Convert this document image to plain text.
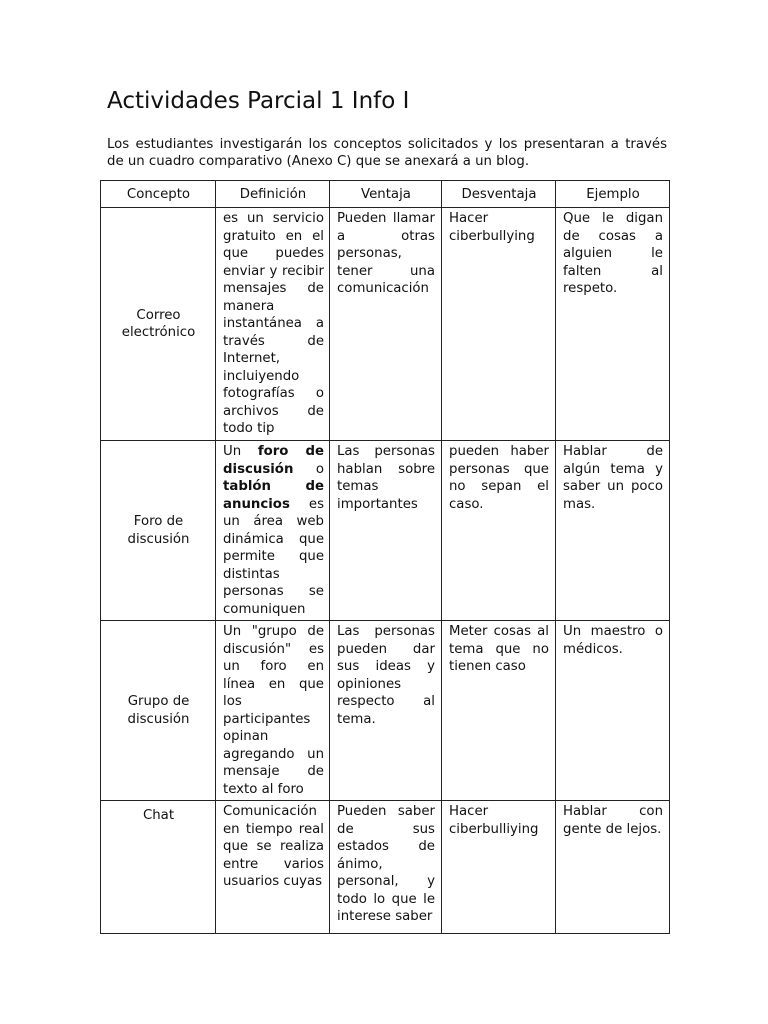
Actividades Parcial 1 Info I

Los estudiantes investigarán los conceptos solicitados y los presentaran a través de un cuadro comparativo (Anexo C) que se anexará a un blog.

Concepto	Definición	Ventaja	Desventaja	Ejemplo
Correo electrónico	es un servicio gratuito en el que puedes enviar y recibir mensajes de manera instantánea a través de Internet, incluiyendo fotografías o archivos de todo tip	Pueden llamar a otras personas, tener una comunicación	Hacer ciberbullying	Que le digan de cosas a alguien le falten al respeto.
Foro de discusión	Un foro de discusión o tablón de anuncios es un área web dinámica que permite que distintas personas se comuniquen	Las personas hablan sobre temas importantes	pueden haber personas que no sepan el caso.	Hablar de algún tema y saber un poco mas.
Grupo de discusión	Un "grupo de discusión" es un foro en línea en que los participantes opinan agregando un mensaje de texto al foro	Las personas pueden dar sus ideas y opiniones respecto al tema.	Meter cosas al tema que no tienen caso	Un maestro o médicos.
Chat	Comunicación en tiempo real que se realiza entre varios usuarios cuyas	Pueden saber de sus estados de ánimo, personal, y todo lo que le interese saber	Hacer ciberbulliying	Hablar con gente de lejos.
